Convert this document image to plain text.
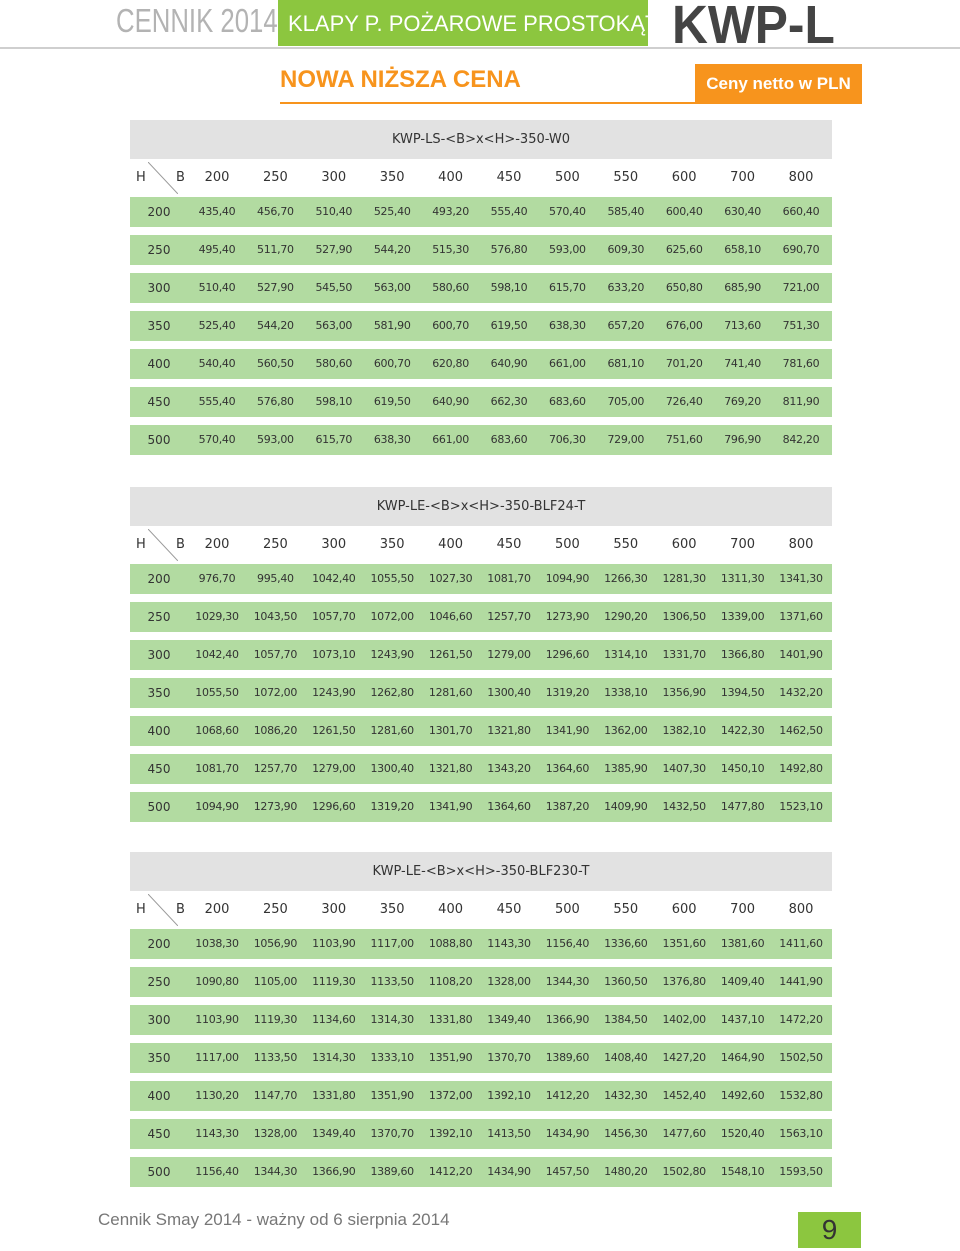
CENNIK 2014 KLAPY P. POŻAROWE PROSTOKĄTNE
KWP-L
NOWA NIŻSZA CENA	Ceny netto w PLN
KWP-LS-<B>x<H>-350-W0
H B	200	250	300	350	400	450	500	550	600	700	800
200	435,40	456,70	510,40	525,40	493,20	555,40	570,40	585,40	600,40	630,40	660,40
250	495,40	511,70	527,90	544,20	515,30	576,80	593,00	609,30	625,60	658,10	690,70
300	510,40	527,90	545,50	563,00	580,60	598,10	615,70	633,20	650,80	685,90	721,00
350	525,40	544,20	563,00	581,90	600,70	619,50	638,30	657,20	676,00	713,60	751,30
400	540,40	560,50	580,60	600,70	620,80	640,90	661,00	681,10	701,20	741,40	781,60
450	555,40	576,80	598,10	619,50	640,90	662,30	683,60	705,00	726,40	769,20	811,90
500	570,40	593,00	615,70	638,30	661,00	683,60	706,30	729,00	751,60	796,90	842,20
KWP-LE-<B>x<H>-350-BLF24-T
H B	200	250	300	350	400	450	500	550	600	700	800
200	976,70	995,40	1042,40	1055,50	1027,30	1081,70	1094,90	1266,30	1281,30	1311,30	1341,30
250	1029,30	1043,50	1057,70	1072,00	1046,60	1257,70	1273,90	1290,20	1306,50	1339,00	1371,60
300	1042,40	1057,70	1073,10	1243,90	1261,50	1279,00	1296,60	1314,10	1331,70	1366,80	1401,90
350	1055,50	1072,00	1243,90	1262,80	1281,60	1300,40	1319,20	1338,10	1356,90	1394,50	1432,20
400	1068,60	1086,20	1261,50	1281,60	1301,70	1321,80	1341,90	1362,00	1382,10	1422,30	1462,50
450	1081,70	1257,70	1279,00	1300,40	1321,80	1343,20	1364,60	1385,90	1407,30	1450,10	1492,80
500	1094,90	1273,90	1296,60	1319,20	1341,90	1364,60	1387,20	1409,90	1432,50	1477,80	1523,10
KWP-LE-<B>x<H>-350-BLF230-T
H B	200	250	300	350	400	450	500	550	600	700	800
200	1038,30	1056,90	1103,90	1117,00	1088,80	1143,30	1156,40	1336,60	1351,60	1381,60	1411,60
250	1090,80	1105,00	1119,30	1133,50	1108,20	1328,00	1344,30	1360,50	1376,80	1409,40	1441,90
300	1103,90	1119,30	1134,60	1314,30	1331,80	1349,40	1366,90	1384,50	1402,00	1437,10	1472,20
350	1117,00	1133,50	1314,30	1333,10	1351,90	1370,70	1389,60	1408,40	1427,20	1464,90	1502,50
400	1130,20	1147,70	1331,80	1351,90	1372,00	1392,10	1412,20	1432,30	1452,40	1492,60	1532,80
450	1143,30	1328,00	1349,40	1370,70	1392,10	1413,50	1434,90	1456,30	1477,60	1520,40	1563,10
500	1156,40	1344,30	1366,90	1389,60	1412,20	1434,90	1457,50	1480,20	1502,80	1548,10	1593,50
Cennik Smay 2014 - ważny od 6 sierpnia 2014	9
